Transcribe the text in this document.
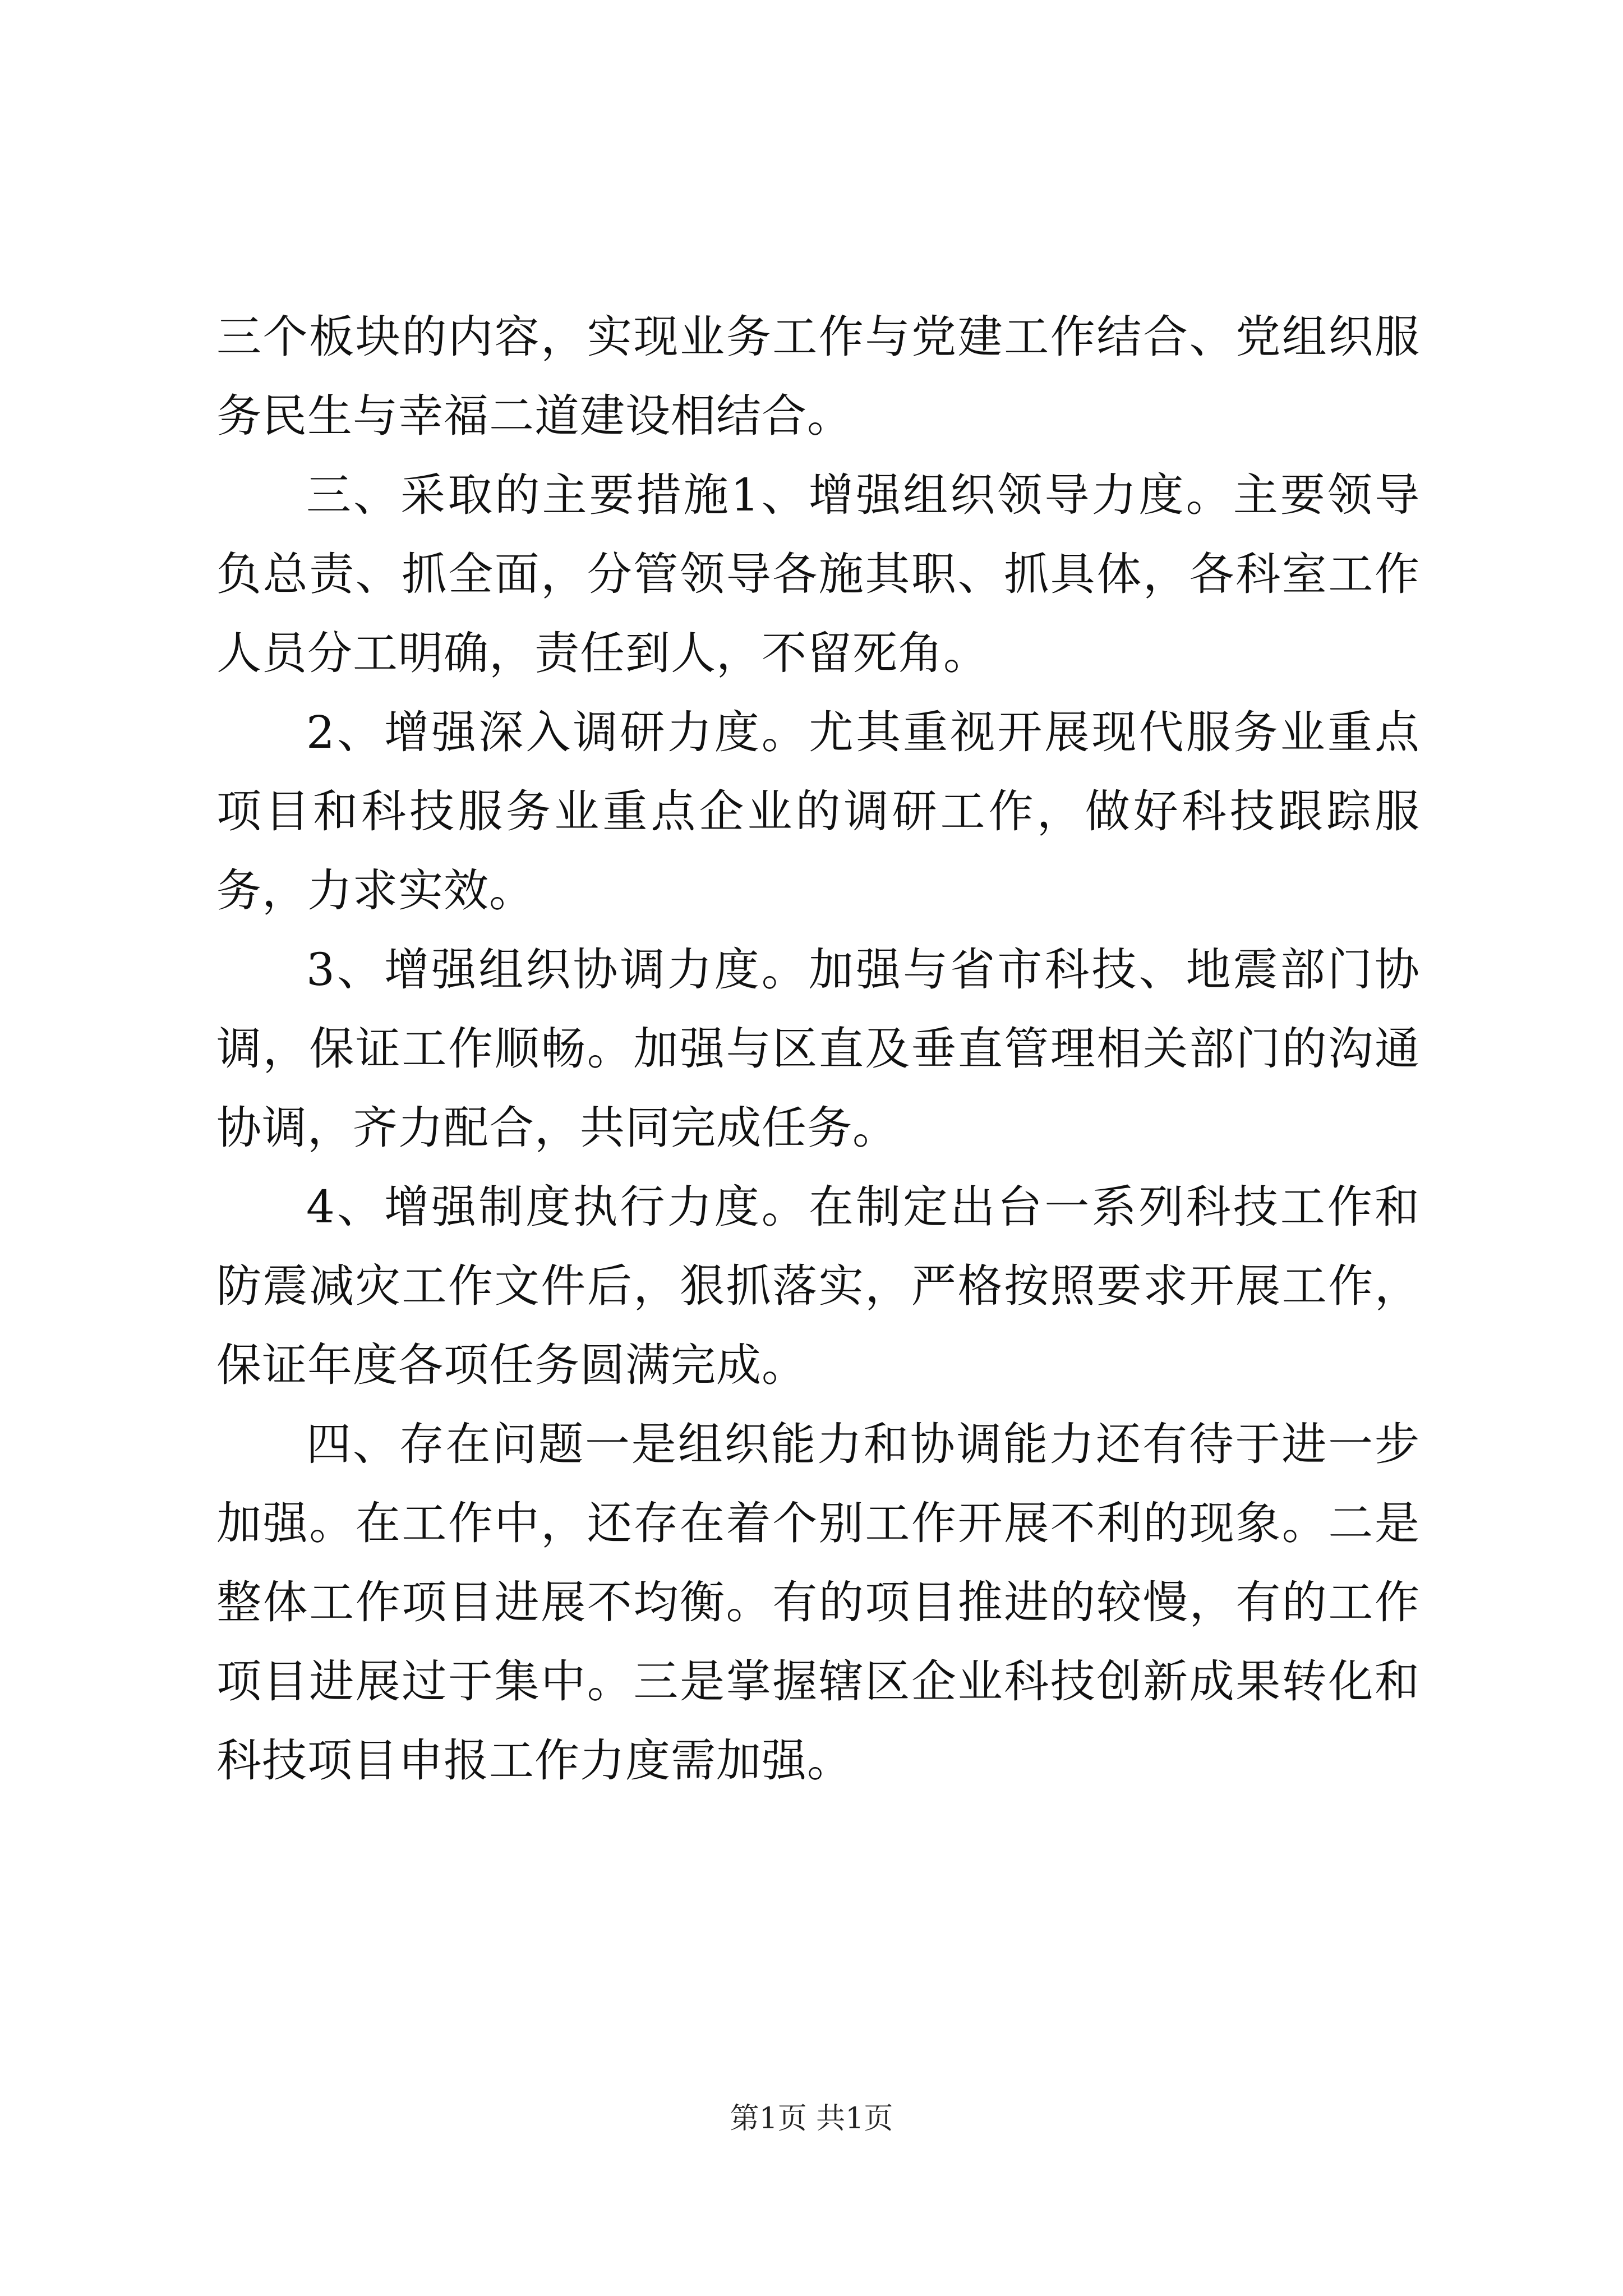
三个板块的内容，实现业务工作与党建工作结合、党组织服务民生与幸福二道建设相结合。

三、采取的主要措施1、增强组织领导力度。主要领导负总责、抓全面，分管领导各施其职、抓具体，各科室工作人员分工明确，责任到人，不留死角。

2、增强深入调研力度。尤其重视开展现代服务业重点项目和科技服务业重点企业的调研工作，做好科技跟踪服务，力求实效。

3、增强组织协调力度。加强与省市科技、地震部门协调，保证工作顺畅。加强与区直及垂直管理相关部门的沟通协调，齐力配合，共同完成任务。

4、增强制度执行力度。在制定出台一系列科技工作和防震减灾工作文件后，狠抓落实，严格按照要求开展工作，保证年度各项任务圆满完成。

四、存在问题一是组织能力和协调能力还有待于进一步加强。在工作中，还存在着个别工作开展不利的现象。二是整体工作项目进展不均衡。有的项目推进的较慢，有的工作项目进展过于集中。三是掌握辖区企业科技创新成果转化和科技项目申报工作力度需加强。

第1页 共1页
